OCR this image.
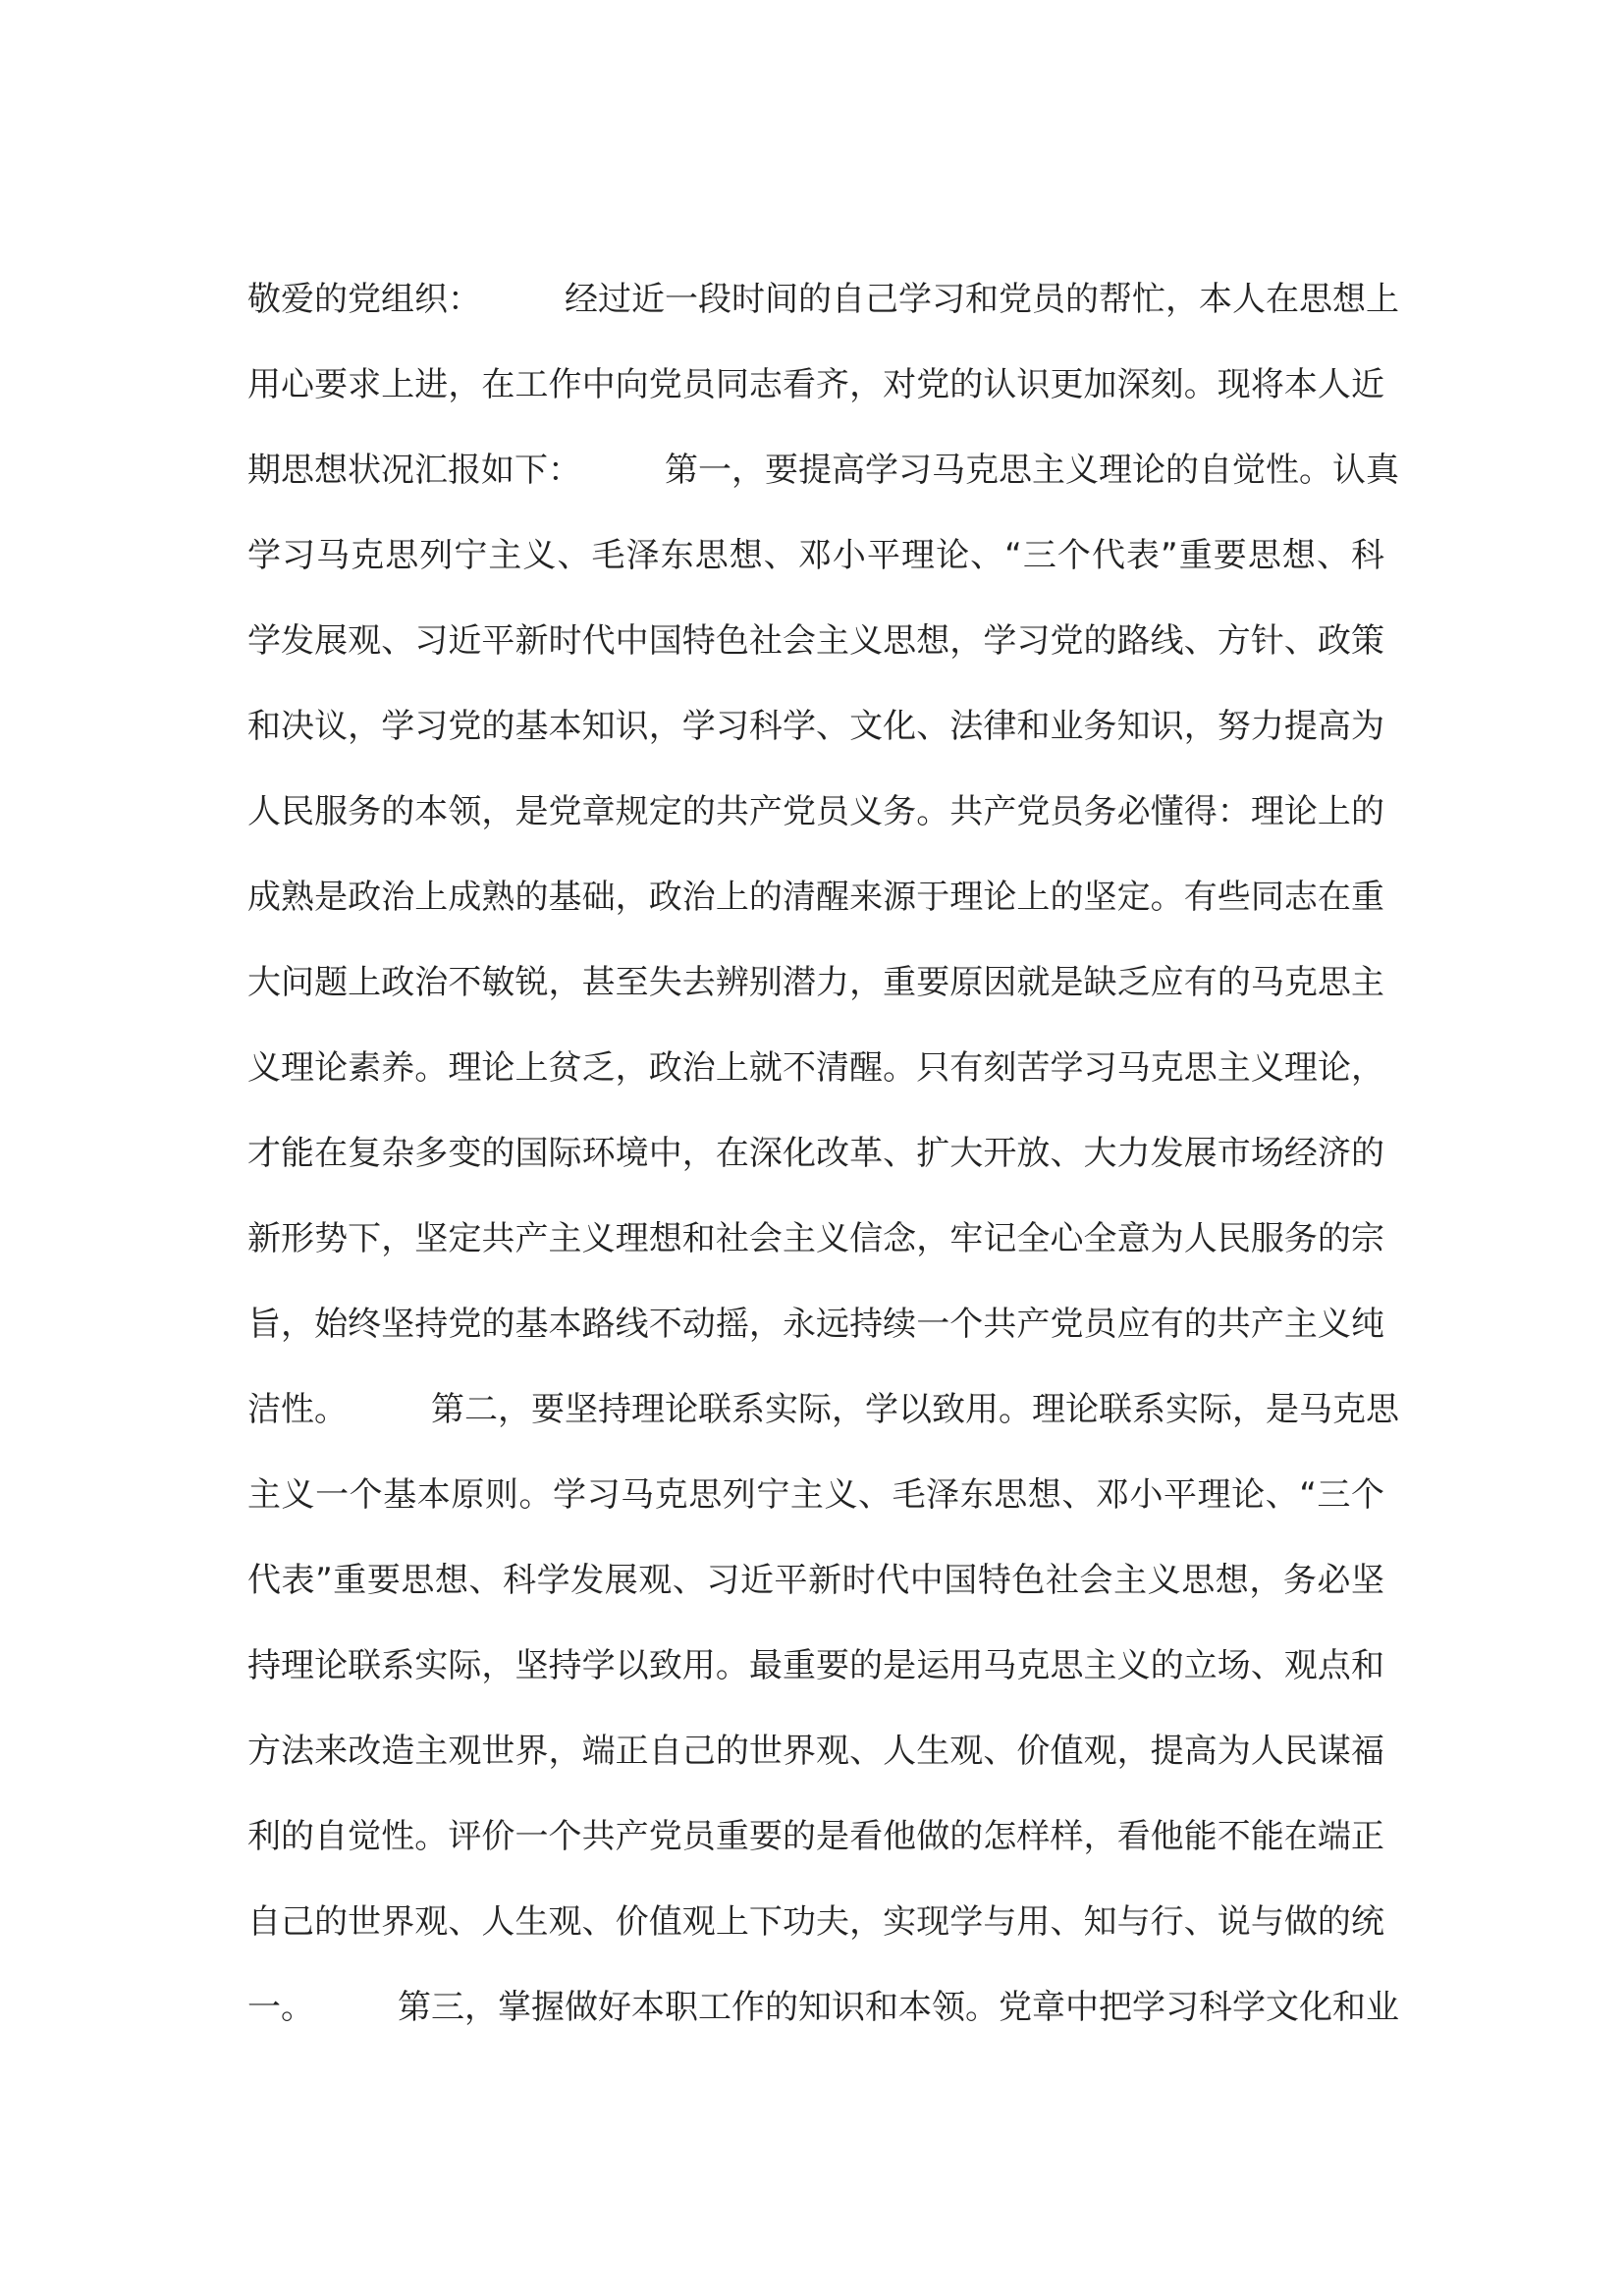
敬爱的党组织：　　　经过近一段时间的自己学习和党员的帮忙，本人在思想上
用心要求上进，在工作中向党员同志看齐，对党的认识更加深刻。现将本人近
期思想状况汇报如下：　　　第一，要提高学习马克思主义理论的自觉性。认真
学习马克思列宁主义、毛泽东思想、邓小平理论、“三个代表”重要思想、科
学发展观、习近平新时代中国特色社会主义思想，学习党的路线、方针、政策
和决议，学习党的基本知识，学习科学、文化、法律和业务知识，努力提高为
人民服务的本领，是党章规定的共产党员义务。共产党员务必懂得：理论上的
成熟是政治上成熟的基础，政治上的清醒来源于理论上的坚定。有些同志在重
大问题上政治不敏锐，甚至失去辨别潜力，重要原因就是缺乏应有的马克思主
义理论素养。理论上贫乏，政治上就不清醒。只有刻苦学习马克思主义理论，
才能在复杂多变的国际环境中，在深化改革、扩大开放、大力发展市场经济的
新形势下，坚定共产主义理想和社会主义信念，牢记全心全意为人民服务的宗
旨，始终坚持党的基本路线不动摇，永远持续一个共产党员应有的共产主义纯
洁性。　　　第二，要坚持理论联系实际，学以致用。理论联系实际，是马克思
主义一个基本原则。学习马克思列宁主义、毛泽东思想、邓小平理论、“三个
代表”重要思想、科学发展观、习近平新时代中国特色社会主义思想，务必坚
持理论联系实际，坚持学以致用。最重要的是运用马克思主义的立场、观点和
方法来改造主观世界，端正自己的世界观、人生观、价值观，提高为人民谋福
利的自觉性。评价一个共产党员重要的是看他做的怎样样，看他能不能在端正
自己的世界观、人生观、价值观上下功夫，实现学与用、知与行、说与做的统
一。　　　第三，掌握做好本职工作的知识和本领。党章中把学习科学文化和业
